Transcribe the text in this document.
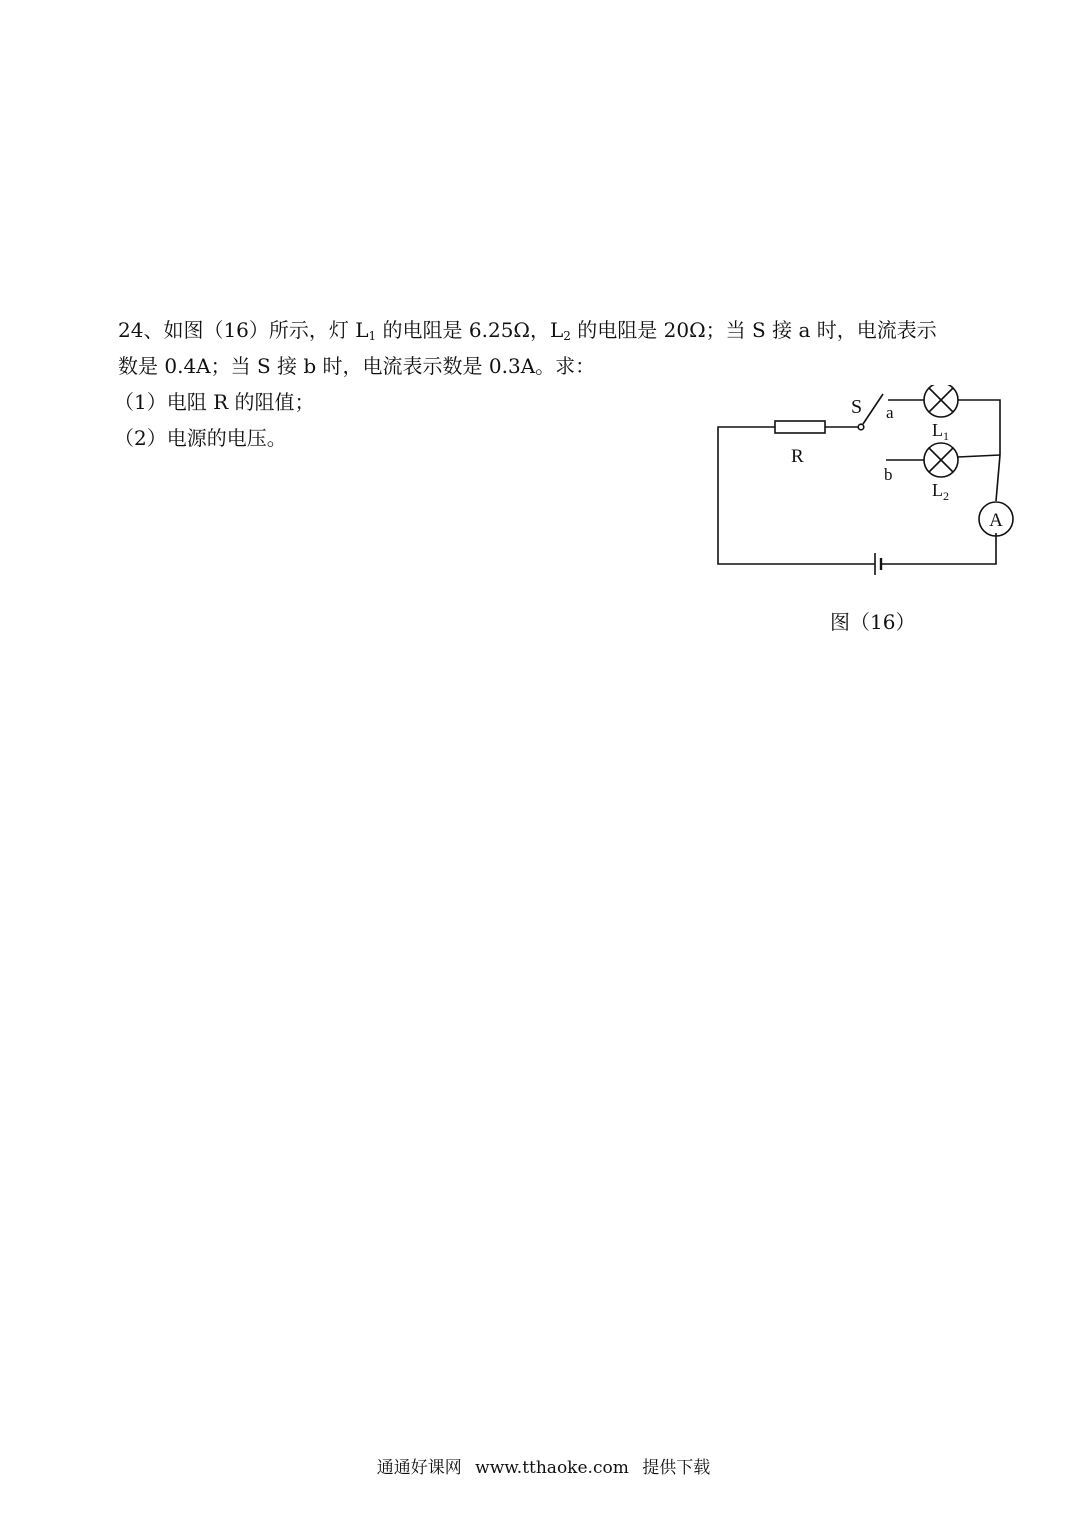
24、如图（16）所示，灯 $L_1$ 的电阻是 6.25Ω，$L_2$ 的电阻是 20Ω；当 S 接 a 时，电流表示

数是 0.4A；当 S 接 b 时，电流表示数是 0.3A。求：

（1）电阻 R 的阻值；

（2）电源的电压。

S a
b
R
$L_1$
$L_2$
A
图（16）
通通好课网 www.tthaoke.com 提供下载
